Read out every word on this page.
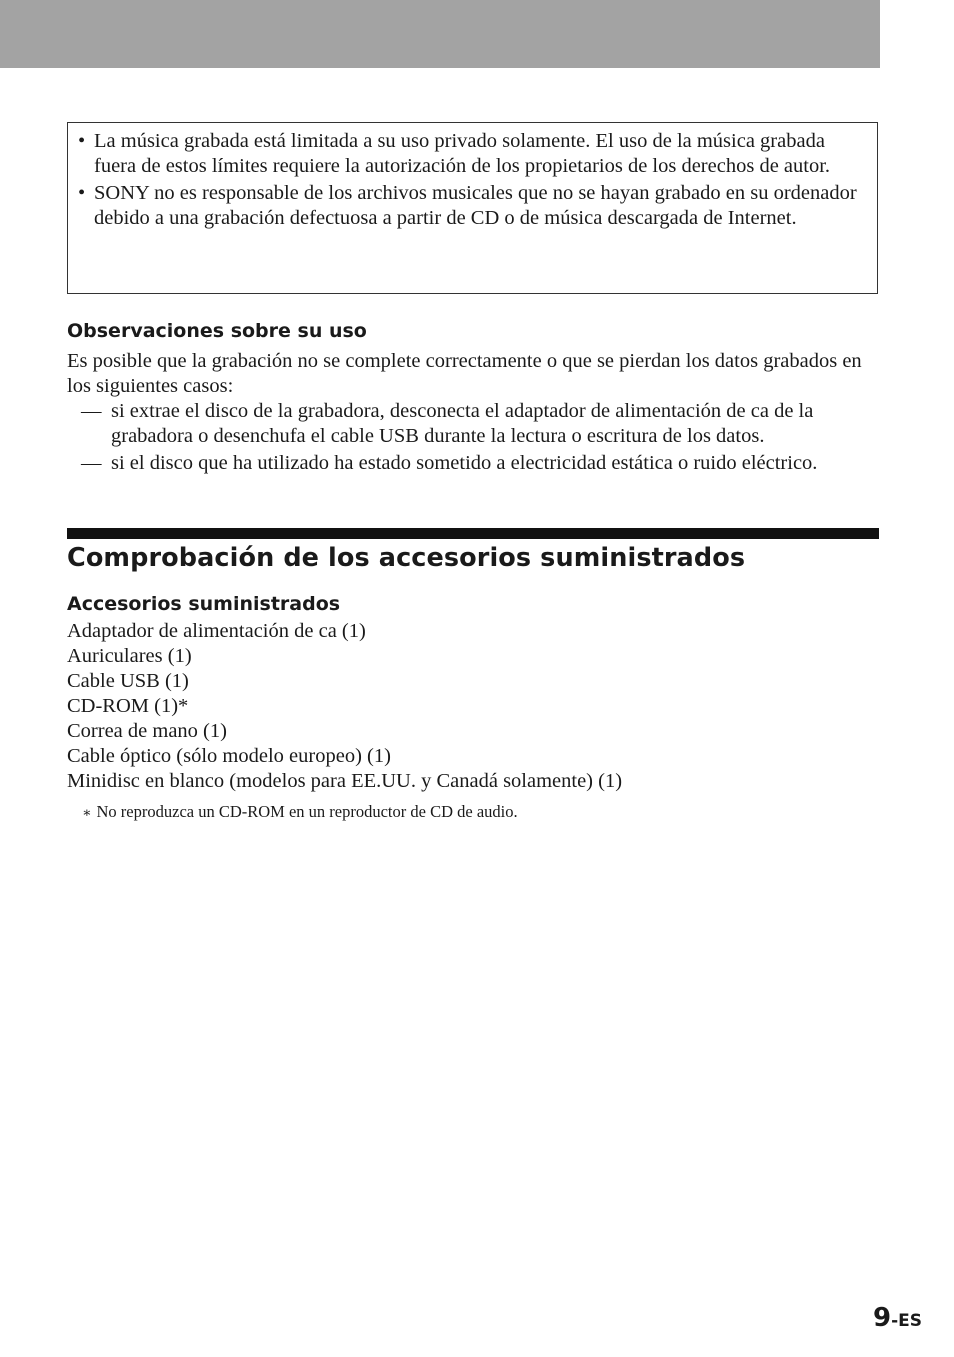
• La música grabada está limitada a su uso privado solamente. El uso de la música grabada fuera de estos límites requiere la autorización de los propietarios de los derechos de autor.
• SONY no es responsable de los archivos musicales que no se hayan grabado en su ordenador debido a una grabación defectuosa a partir de CD o de música descargada de Internet.
Observaciones sobre su uso

Es posible que la grabación no se complete correctamente o que se pierdan los datos grabados en los siguientes casos:

— si extrae el disco de la grabadora, desconecta el adaptador de alimentación de ca de la grabadora o desenchufa el cable USB durante la lectura o escritura de los datos.
— si el disco que ha utilizado ha estado sometido a electricidad estática o ruido eléctrico.
Comprobación de los accesorios suministrados
Accesorios suministrados
Adaptador de alimentación de ca (1)
Auriculares (1)
Cable USB (1)
CD-ROM (1)*
Correa de mano (1)
Cable óptico (sólo modelo europeo) (1)
Minidisc en blanco (modelos para EE.UU. y Canadá solamente) (1)

∗ No reproduzca un CD-ROM en un reproductor de CD de audio.

9-ES
